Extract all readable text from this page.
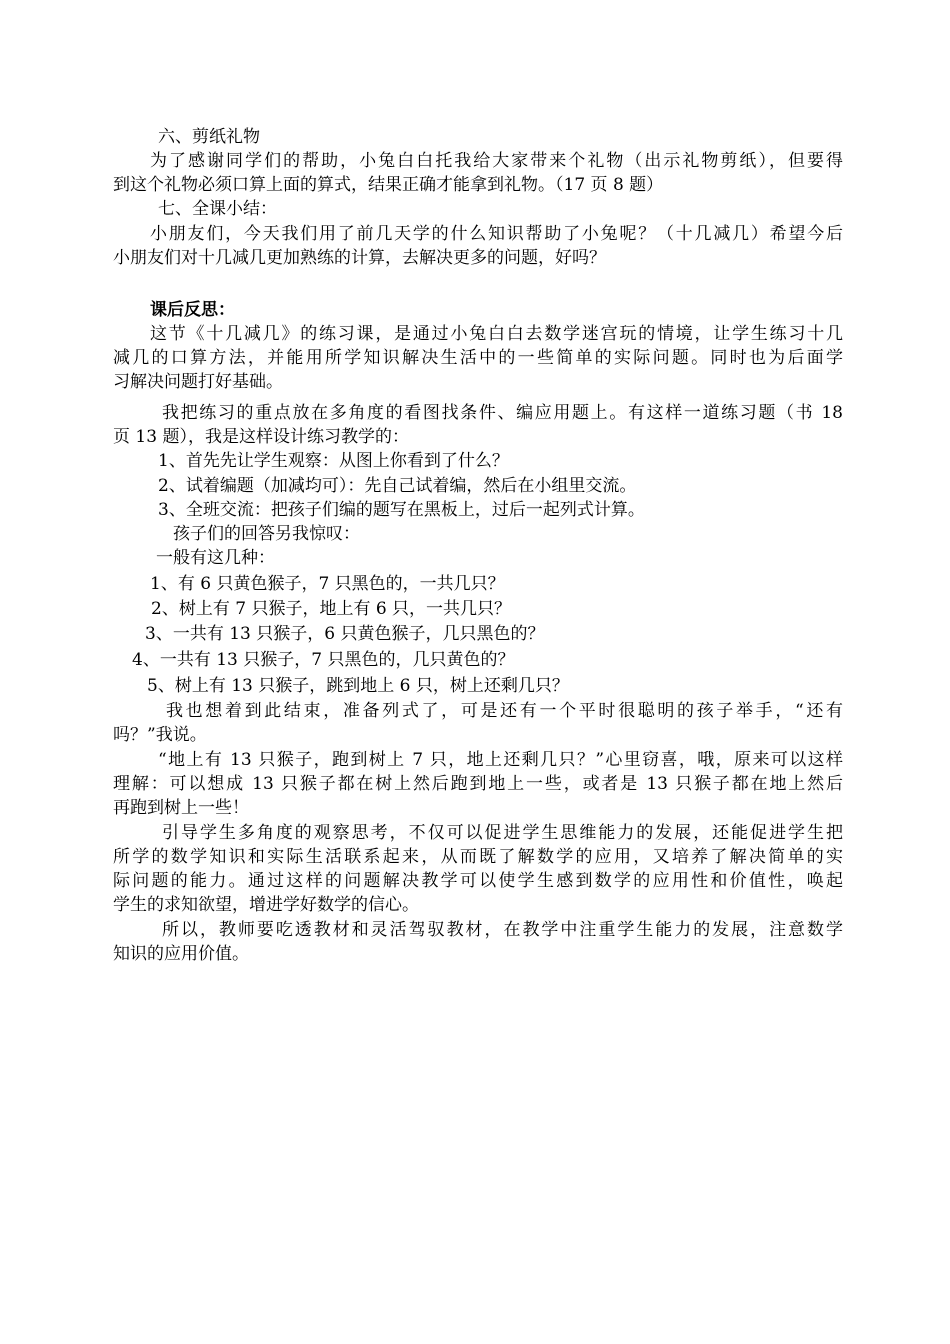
六、剪纸礼物
为了感谢同学们的帮助，小兔白白托我给大家带来个礼物（出示礼物剪纸），但要得
到这个礼物必须口算上面的算式，结果正确才能拿到礼物。（17 页 8 题）
七、全课小结：
小朋友们，今天我们用了前几天学的什么知识帮助了小兔呢？（十几减几）希望今后
小朋友们对十几减几更加熟练的计算，去解决更多的问题，好吗？
课后反思：
这节《十几减几》的练习课，是通过小兔白白去数学迷宫玩的情境，让学生练习十几
减几的口算方法，并能用所学知识解决生活中的一些简单的实际问题。同时也为后面学
习解决问题打好基础。
我把练习的重点放在多角度的看图找条件、编应用题上。有这样一道练习题（书 18
页 13 题），我是这样设计练习教学的：
1、首先先让学生观察：从图上你看到了什么？
2、试着编题（加减均可）：先自己试着编，然后在小组里交流。
3、全班交流：把孩子们编的题写在黑板上，过后一起列式计算。
孩子们的回答另我惊叹：
一般有这几种：
1、有 6 只黄色猴子，7 只黑色的，一共几只？
2、树上有 7 只猴子，地上有 6 只，一共几只？
3、一共有 13 只猴子，6 只黄色猴子，几只黑色的？
4、一共有 13 只猴子，7 只黑色的，几只黄色的？
5、树上有 13 只猴子，跳到地上 6 只，树上还剩几只？
我也想着到此结束，准备列式了，可是还有一个平时很聪明的孩子举手，“还有
吗？”我说。
“地上有 13 只猴子，跑到树上 7 只，地上还剩几只？”心里窃喜，哦，原来可以这样
理解：可以想成 13 只猴子都在树上然后跑到地上一些，或者是 13 只猴子都在地上然后
再跑到树上一些！
引导学生多角度的观察思考，不仅可以促进学生思维能力的发展，还能促进学生把
所学的数学知识和实际生活联系起来，从而既了解数学的应用，又培养了解决简单的实
际问题的能力。通过这样的问题解决教学可以使学生感到数学的应用性和价值性，唤起
学生的求知欲望，增进学好数学的信心。
所以，教师要吃透教材和灵活驾驭教材，在教学中注重学生能力的发展，注意数学
知识的应用价值。
